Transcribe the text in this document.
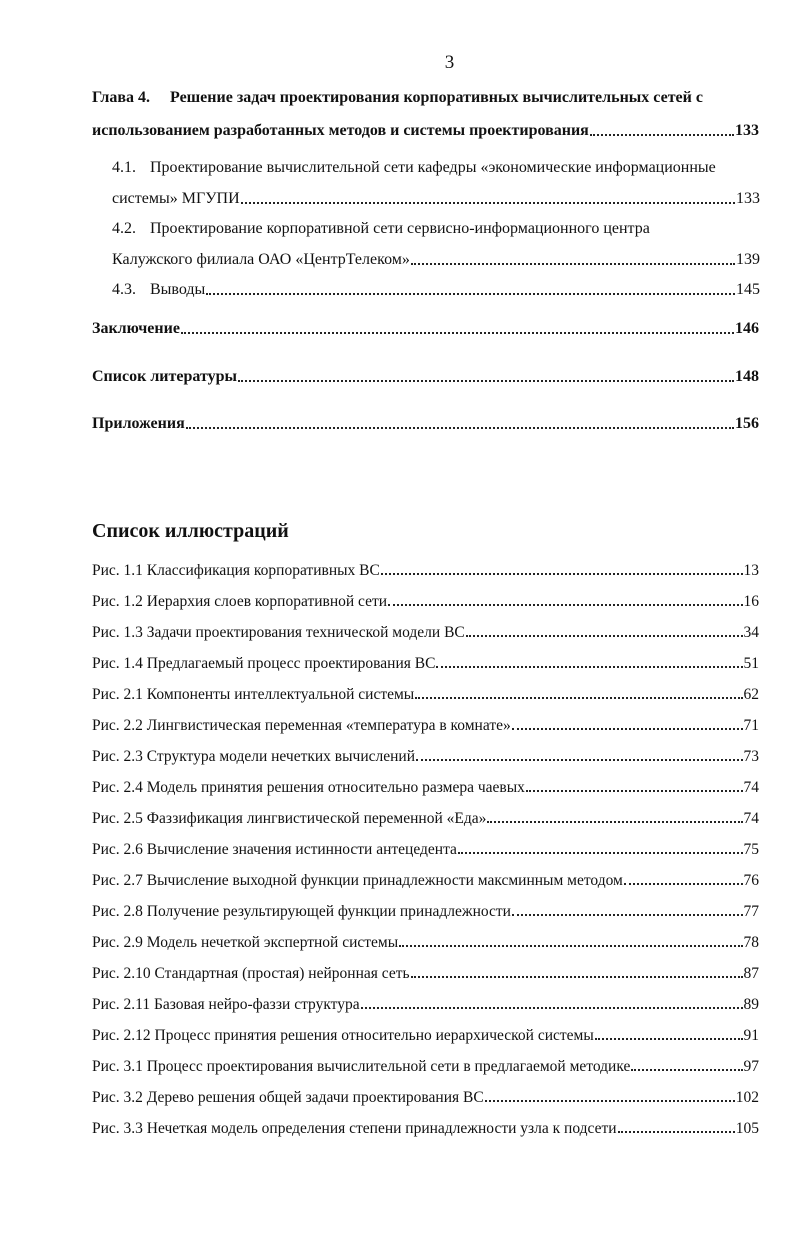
3
Глава 4. Решение задач проектирования корпоративных вычислительных сетей с
использованием разработанных методов и системы проектирования	133
4.1. Проектирование вычислительной сети кафедры «экономические информационные
системы» МГУПИ	133
4.2. Проектирование корпоративной сети сервисно-информационного центра
Калужского филиала ОАО «ЦентрТелеком»	139
4.3. Выводы	145
Заключение	146
Список литературы	148
Приложения	156
Список иллюстраций
Рис. 1.1 Классификация корпоративных ВС	13
Рис. 1.2 Иерархия слоев корпоративной сети	16
Рис. 1.3 Задачи проектирования технической модели ВС	34
Рис. 1.4 Предлагаемый процесс проектирования ВС	51
Рис. 2.1 Компоненты интеллектуальной системы	62
Рис. 2.2 Лингвистическая переменная «температура в комнате»	71
Рис. 2.3 Структура модели нечетких вычислений	73
Рис. 2.4 Модель принятия решения относительно размера чаевых	74
Рис. 2.5 Фаззификация лингвистической переменной «Еда»	74
Рис. 2.6 Вычисление значения истинности антецедента	75
Рис. 2.7 Вычисление выходной функции принадлежности максминным методом	76
Рис. 2.8 Получение результирующей функции принадлежности	77
Рис. 2.9 Модель нечеткой экспертной системы	78
Рис. 2.10 Стандартная (простая) нейронная сеть	87
Рис. 2.11 Базовая нейро-фаззи структура	89
Рис. 2.12 Процесс принятия решения относительно иерархической системы	91
Рис. 3.1 Процесс проектирования вычислительной сети в предлагаемой методике	97
Рис. 3.2 Дерево решения общей задачи проектирования ВС	102
Рис. 3.3 Нечеткая модель определения степени принадлежности узла к подсети	105
